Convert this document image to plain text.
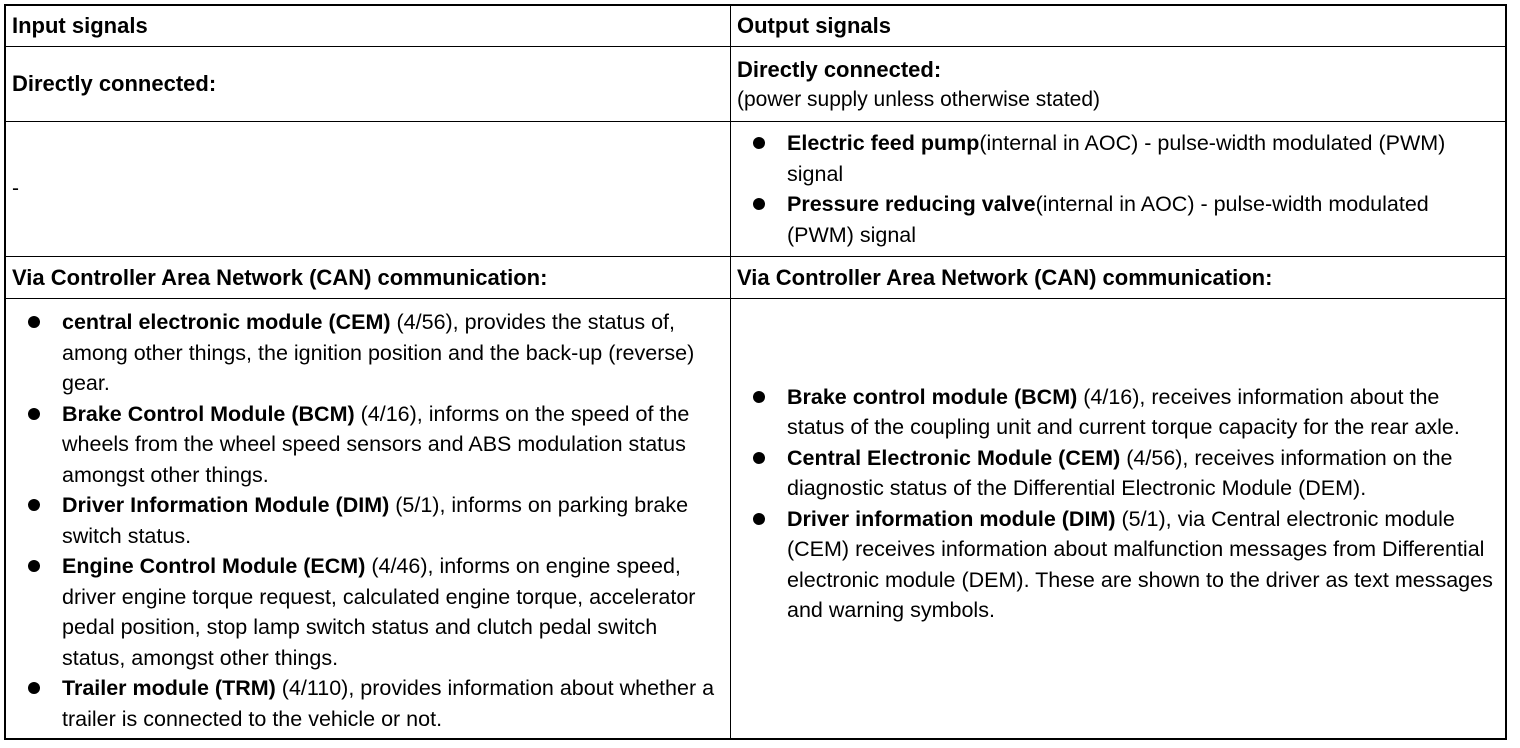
Input signals	Output signals
Directly connected:
Directly connected:
(power supply unless otherwise stated)
-
Electric feed pump(internal in AOC) - pulse-width modulated (PWM) signal
Pressure reducing valve(internal in AOC) - pulse-width modulated (PWM) signal
Via Controller Area Network (CAN) communication:	Via Controller Area Network (CAN) communication:
central electronic module (CEM) (4/56), provides the status of, among other things, the ignition position and the back-up (reverse) gear.
Brake Control Module (BCM) (4/16), informs on the speed of the wheels from the wheel speed sensors and ABS modulation status amongst other things.
Driver Information Module (DIM) (5/1), informs on parking brake switch status.
Engine Control Module (ECM) (4/46), informs on engine speed, driver engine torque request, calculated engine torque, accelerator pedal position, stop lamp switch status and clutch pedal switch status, amongst other things.
Trailer module (TRM) (4/110), provides information about whether a trailer is connected to the vehicle or not.
Brake control module (BCM) (4/16), receives information about the status of the coupling unit and current torque capacity for the rear axle.
Central Electronic Module (CEM) (4/56), receives information on the diagnostic status of the Differential Electronic Module (DEM).
Driver information module (DIM) (5/1), via Central electronic module (CEM) receives information about malfunction messages from Differential electronic module (DEM). These are shown to the driver as text messages and warning symbols.
